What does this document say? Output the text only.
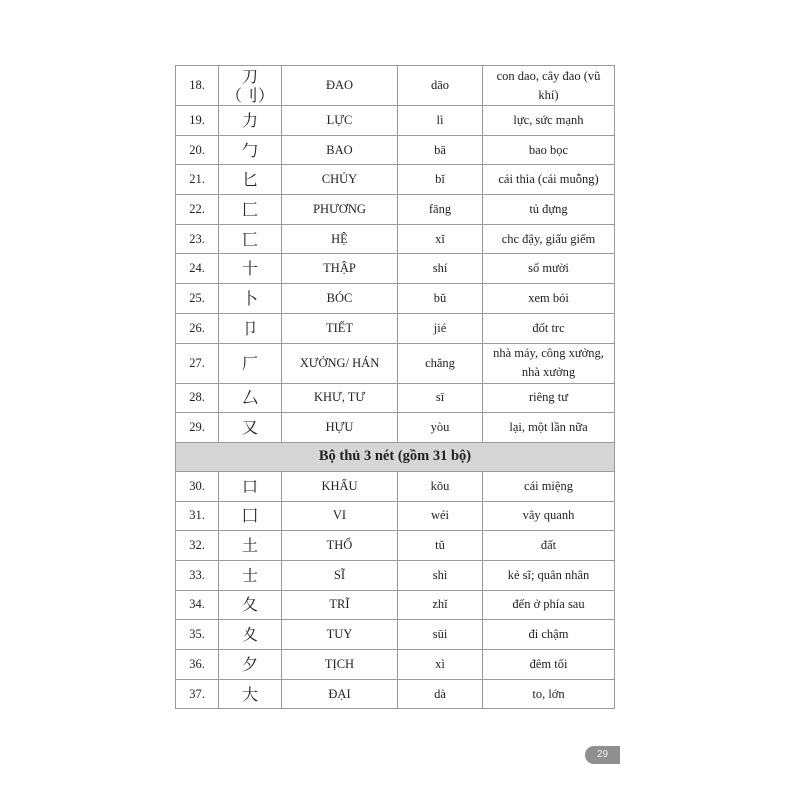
18.	刀（刂）	ĐAO	dāo	con dao, cây đao (vũ khí)
19.	力	LỰC	lì	lực, sức mạnh
20.	勹	BAO	bā	bao bọc
21.	匕	CHỦY	bǐ	cái thìa (cái muỗng)
22.	匚	PHƯƠNG	fāng	tủ đựng
23.	匸	HỆ	xǐ	chc đậy, giấu giếm
24.	十	THẬP	shí	số mười
25.	卜	BÓC	bǔ	xem bói
26.	卩	TIẾT	jié	đốt trc
27.	厂	XƯỞNG/ HÁN	chăng	nhà máy, công xưởng, nhà xưởng
28.	厶	KHƯ, TƯ	sī	riêng tư
29.	又	HỰU	yòu	lại, một lần nữa
Bộ thủ 3 nét (gồm 31 bộ)				
30.	口	KHẨU	kǒu	cái miệng
31.	囗	VI	wéi	vây quanh
32.	土	THỔ	tǔ	đất
33.	士	SĨ	shì	kẻ sĩ; quân nhân
34.	夂	TRĨ	zhǐ	đến ở phía sau
35.	夊	TUY	sūi	đi chậm
36.	夕	TỊCH	xì	đêm tối
37.	大	ĐẠI	dà	to, lớn
29
